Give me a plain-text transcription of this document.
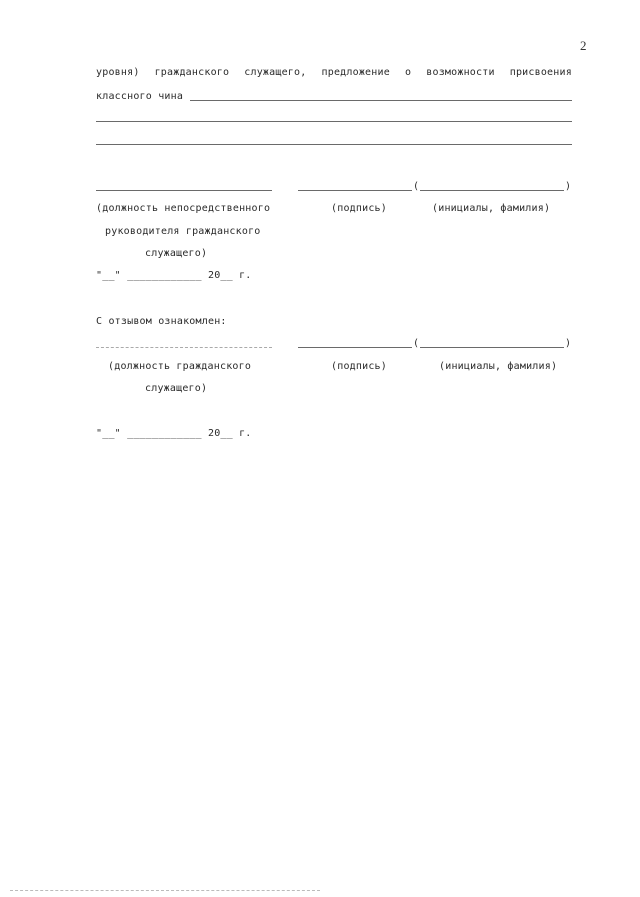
2
уровня) гражданского служащего, предложение о возможности присвоения
классного чина
(	)
(должность непосредственного
руководителя гражданского
служащего)
(подпись)	(инициалы, фамилия)
"__" ____________ 20__ г.
С отзывом ознакомлен:
(	)
(должность гражданского
служащего)
(подпись)	(инициалы, фамилия)
"__" ____________ 20__ г.
